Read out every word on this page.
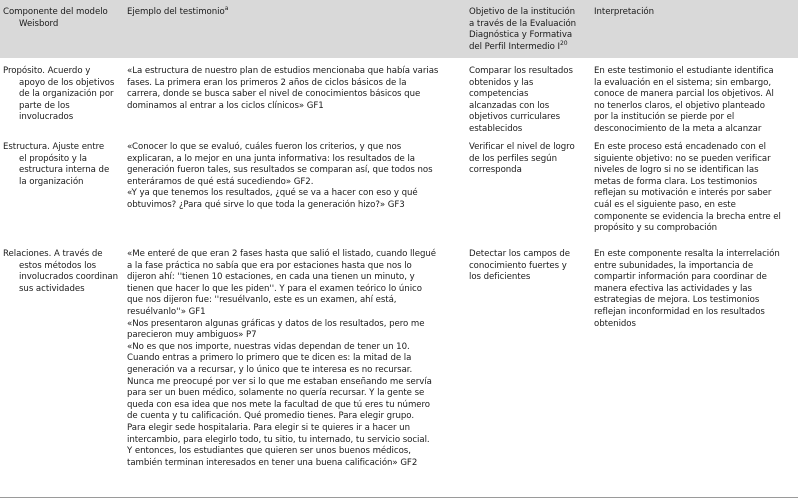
Componente del modelo
Weisbord
Ejemplo del testimonio$^a$	Objetivo de la institución
a través de la Evaluación
Diagnóstica y Formativa
del Perfil Intermedio $I^{20}$
Interpretación
Propósito. Acuerdo y
apoyo de los objetivos
de la organización por
parte de los
involucrados
«La estructura de nuestro plan de estudios mencionaba que había varias
fases. La primera eran los primeros 2 años de ciclos básicos de la
carrera, donde se busca saber el nivel de conocimientos básicos que
dominamos al entrar a los ciclos clínicos» GF1
Comparar los resultados
obtenidos y las
competencias
alcanzadas con los
objetivos curriculares
establecidos
En este testimonio el estudiante identifica
la evaluación en el sistema; sin embargo,
conoce de manera parcial los objetivos. Al
no tenerlos claros, el objetivo planteado
por la institución se pierde por el
desconocimiento de la meta a alcanzar
Estructura. Ajuste entre
el propósito y la
estructura interna de
la organización
«Conocer lo que se evaluó, cuáles fueron los criterios, y que nos
explicaran, a lo mejor en una junta informativa: los resultados de la
generación fueron tales, sus resultados se comparan así, que todos nos
enteráramos de qué está sucediendo» GF2.
«Y ya que tenemos los resultados, ¿qué se va a hacer con eso y qué
obtuvimos? ¿Para qué sirve lo que toda la generación hizo?» GF3
Verificar el nivel de logro
de los perfiles según
corresponda
En este proceso está encadenado con el
siguiente objetivo: no se pueden verificar
niveles de logro si no se identifican las
metas de forma clara. Los testimonios
reflejan su motivación e interés por saber
cuál es el siguiente paso, en este
componente se evidencia la brecha entre el
propósito y su comprobación
Relaciones. A través de
estos métodos los
involucrados coordinan
sus actividades
«Me enteré de que eran 2 fases hasta que salió el listado, cuando llegué
a la fase práctica no sabía que era por estaciones hasta que nos lo
dijeron ahí: ''tienen 10 estaciones, en cada una tienen un minuto, y
tienen que hacer lo que les piden''. Y para el examen teórico lo único
que nos dijeron fue: ''resuélvanlo, este es un examen, ahí está,
resuélvanlo''» GF1
«Nos presentaron algunas gráficas y datos de los resultados, pero me
parecieron muy ambiguos» P7
«No es que nos importe, nuestras vidas dependan de tener un 10.
Cuando entras a primero lo primero que te dicen es: la mitad de la
generación va a recursar, y lo único que te interesa es no recursar.
Nunca me preocupé por ver si lo que me estaban enseñando me servía
para ser un buen médico, solamente no quería recursar. Y la gente se
queda con esa idea que nos mete la facultad de que tú eres tu número
de cuenta y tu calificación. Qué promedio tienes. Para elegir grupo.
Para elegir sede hospitalaria. Para elegir si te quieres ir a hacer un
intercambio, para elegirlo todo, tu sitio, tu internado, tu servicio social.
Y entonces, los estudiantes que quieren ser unos buenos médicos,
también terminan interesados en tener una buena calificación» GF2
Detectar los campos de
conocimiento fuertes y
los deficientes
En este componente resalta la interrelación
entre subunidades, la importancia de
compartir información para coordinar de
manera efectiva las actividades y las
estrategias de mejora. Los testimonios
reflejan inconformidad en los resultados
obtenidos
